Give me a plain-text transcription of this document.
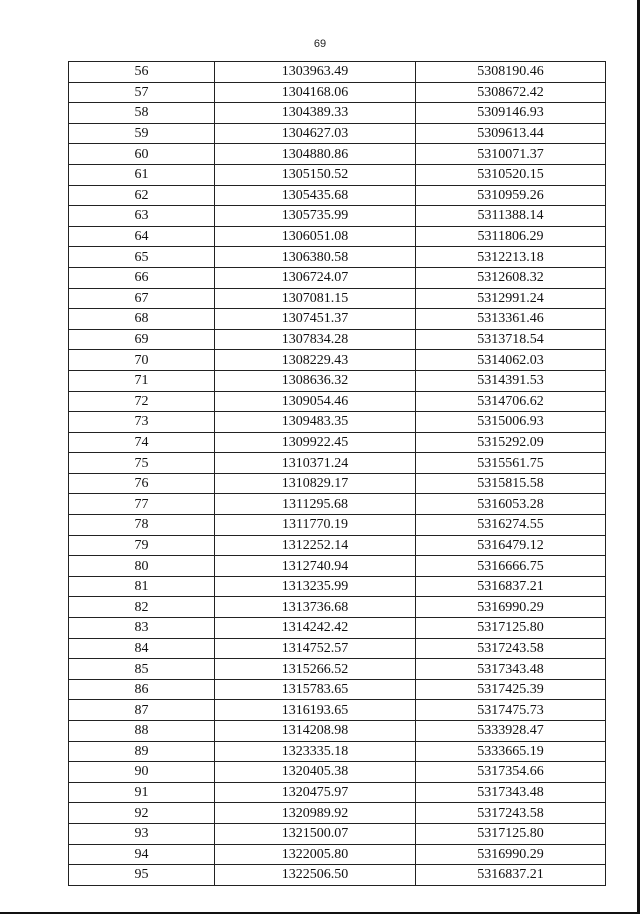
69
56	1303963.49	5308190.46
57	1304168.06	5308672.42
58	1304389.33	5309146.93
59	1304627.03	5309613.44
60	1304880.86	5310071.37
61	1305150.52	5310520.15
62	1305435.68	5310959.26
63	1305735.99	5311388.14
64	1306051.08	5311806.29
65	1306380.58	5312213.18
66	1306724.07	5312608.32
67	1307081.15	5312991.24
68	1307451.37	5313361.46
69	1307834.28	5313718.54
70	1308229.43	5314062.03
71	1308636.32	5314391.53
72	1309054.46	5314706.62
73	1309483.35	5315006.93
74	1309922.45	5315292.09
75	1310371.24	5315561.75
76	1310829.17	5315815.58
77	1311295.68	5316053.28
78	1311770.19	5316274.55
79	1312252.14	5316479.12
80	1312740.94	5316666.75
81	1313235.99	5316837.21
82	1313736.68	5316990.29
83	1314242.42	5317125.80
84	1314752.57	5317243.58
85	1315266.52	5317343.48
86	1315783.65	5317425.39
87	1316193.65	5317475.73
88	1314208.98	5333928.47
89	1323335.18	5333665.19
90	1320405.38	5317354.66
91	1320475.97	5317343.48
92	1320989.92	5317243.58
93	1321500.07	5317125.80
94	1322005.80	5316990.29
95	1322506.50	5316837.21
